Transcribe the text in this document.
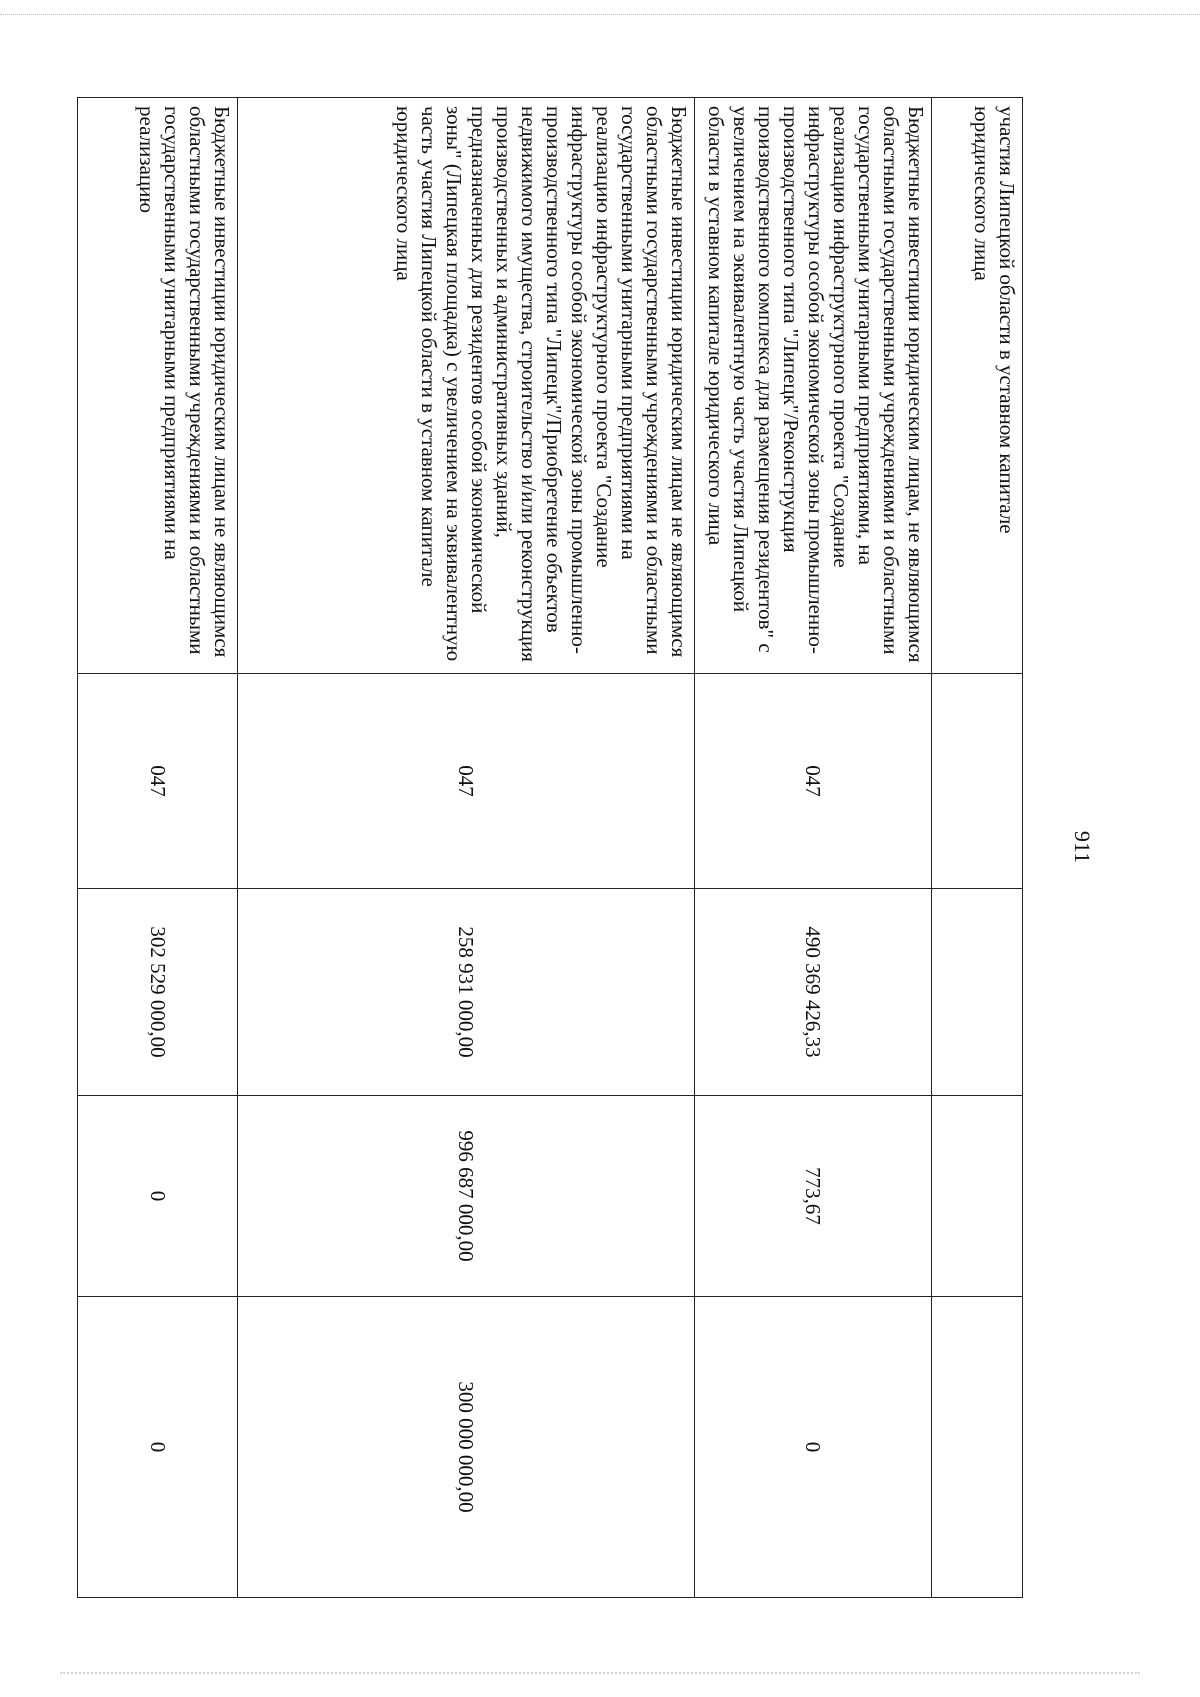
911
участия Липецкой области в уставном капитале юридического лица				
Бюджетные инвестиции юридическим лицам, не являющимся областными государственными учреждениями и областными государственными унитарными предприятиями, на реализацию инфраструктурного проекта "Создание инфраструктуры особой экономической зоны промышленно-производственного типа "Липецк"/Реконструкция производственного комплекса для размещения резидентов" с увеличением на эквивалентную часть участия Липецкой области в уставном капитале юридического лица	047	490 369 426,33	773,67	0
Бюджетные инвестиции юридическим лицам не являющимся областными государственными учреждениями и областными государственными унитарными предприятиями на реализацию инфраструктурного проекта "Создание инфраструктуры особой экономической зоны промышленно-производственного типа "Липецк"/Приобретение объектов недвижимого имущества, строительство и/или реконструкция производственных и административных зданий, предназначенных для резидентов особой экономической зоны" (Липецкая площадка) с увеличением на эквивалентную часть участия Липецкой области в уставном капитале юридического лица	047	258 931 000,00	996 687 000,00	300 000 000,00
Бюджетные инвестиции юридическим лицам не являющимся областными государственными учреждениями и областными государственными унитарными предприятиями на реализацию	047	302 529 000,00	0	0
